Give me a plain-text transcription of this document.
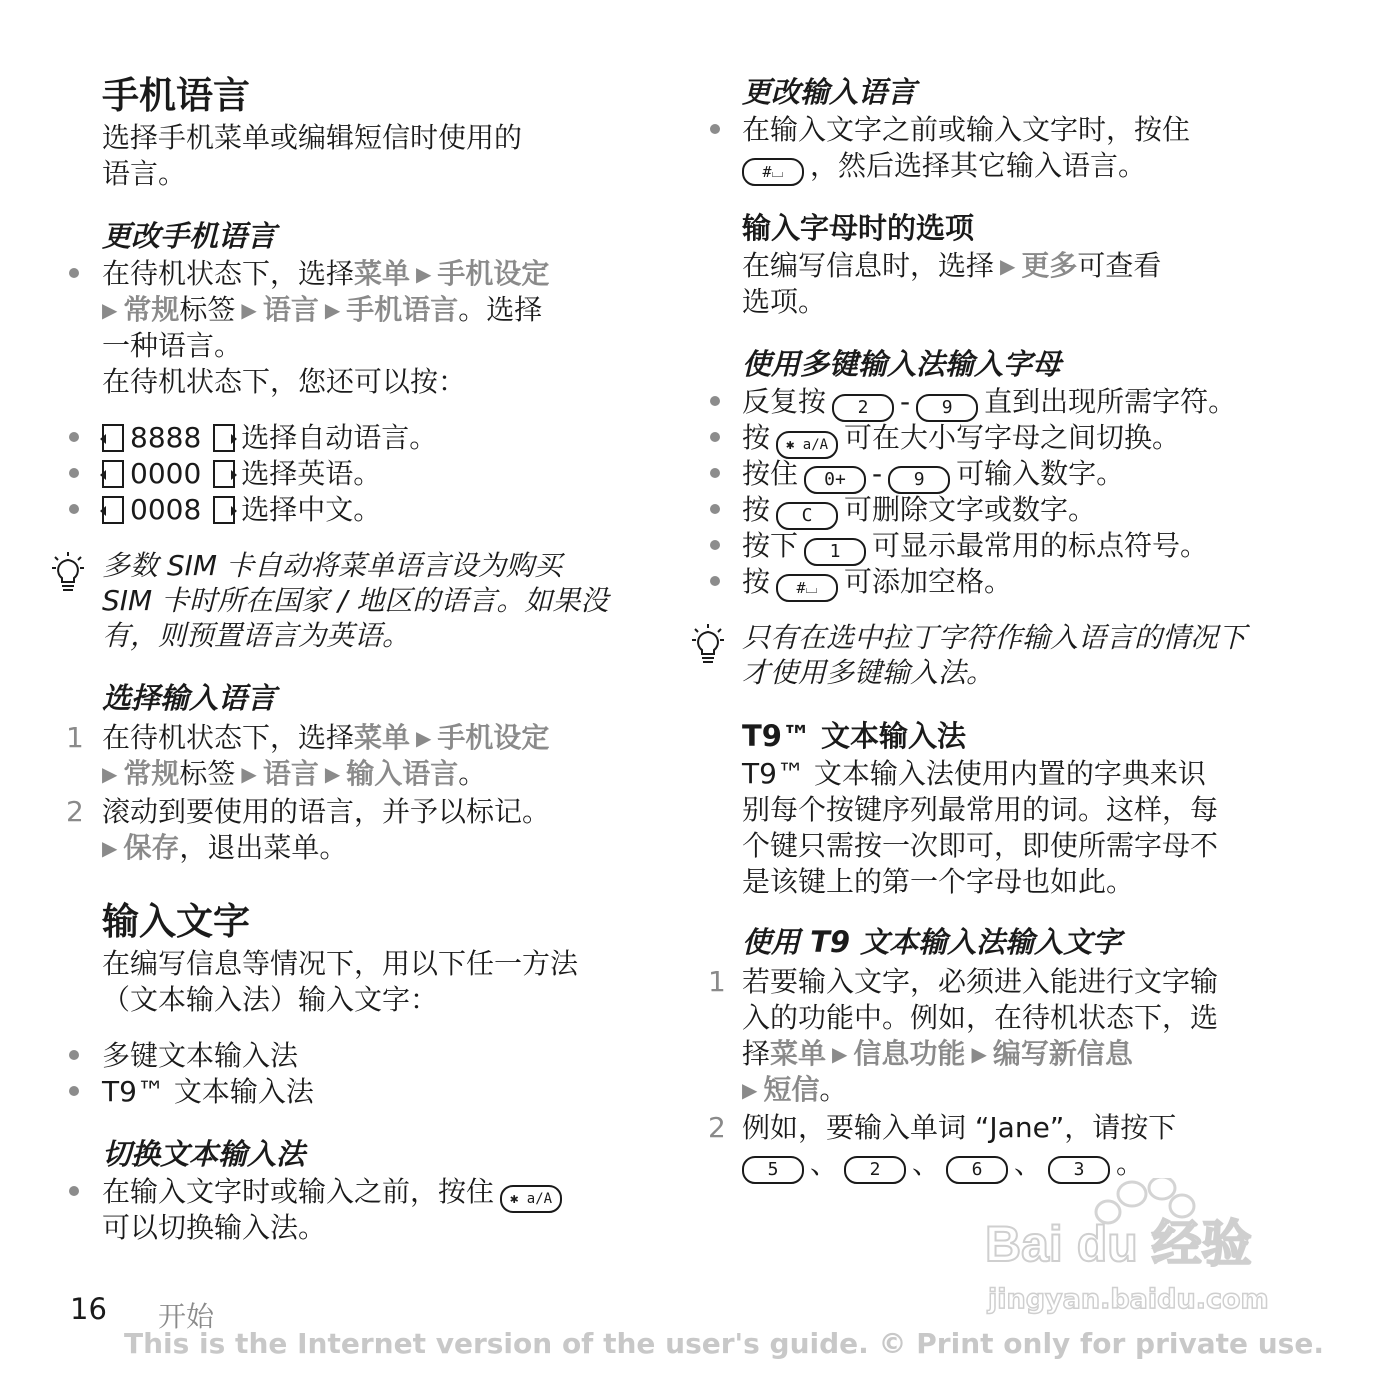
手机语言
选择手机菜单或编辑短信时使用的
语言。
更改手机语言
在待机状态下，选择菜单 ▶ 手机设定
▶ 常规标签 ▶ 语言 ▶ 手机语言。选择
一种语言。
在待机状态下，您还可以按：
8888 选择自动语言。
0000 选择英语。
0008 选择中文。
多数 SIM 卡自动将菜单语言设为购买
SIM 卡时所在国家 / 地区的语言。如果没
有，则预置语言为英语。
选择输入语言
1 在待机状态下，选择菜单 ▶ 手机设定
▶ 常规标签 ▶ 语言 ▶ 输入语言。
2 滚动到要使用的语言，并予以标记。
▶ 保存，退出菜单。
输入文字
在编写信息等情况下，用以下任一方法
（文本输入法）输入文字：
多键文本输入法
T9™ 文本输入法
切换文本输入法
在输入文字时或输入之前，按住 ✱ a/A
可以切换输入法。
更改输入语言
在输入文字之前或输入文字时，按住
#⌴ ，然后选择其它输入语言。
输入字母时的选项
在编写信息时，选择 ▶ 更多可查看
选项。
使用多键输入法输入字母
反复按 2 - 9 直到出现所需字符。
按 ✱ a/A 可在大小写字母之间切换。
按住 0+ - 9 可输入数字。
按 C 可删除文字或数字。
按下 1 可显示最常用的标点符号。
按 #⌴ 可添加空格。
只有在选中拉丁字符作输入语言的情况下
才使用多键输入法。
T9™ 文本输入法
T9™ 文本输入法使用内置的字典来识
别每个按键序列最常用的词。这样，每
个键只需按一次即可，即使所需字母不
是该键上的第一个字母也如此。
使用 T9 文本输入法输入文字
1 若要输入文字，必须进入能进行文字输
入的功能中。例如，在待机状态下，选
择菜单 ▶ 信息功能 ▶ 编写新信息
▶ 短信。
2 例如，要输入单词 “Jane”，请按下
5 、 2 、 6 、 3 。
Bai du 经验
jingyan.baidu.com
16 开始
This is the Internet version of the user's guide. © Print only for private use.
